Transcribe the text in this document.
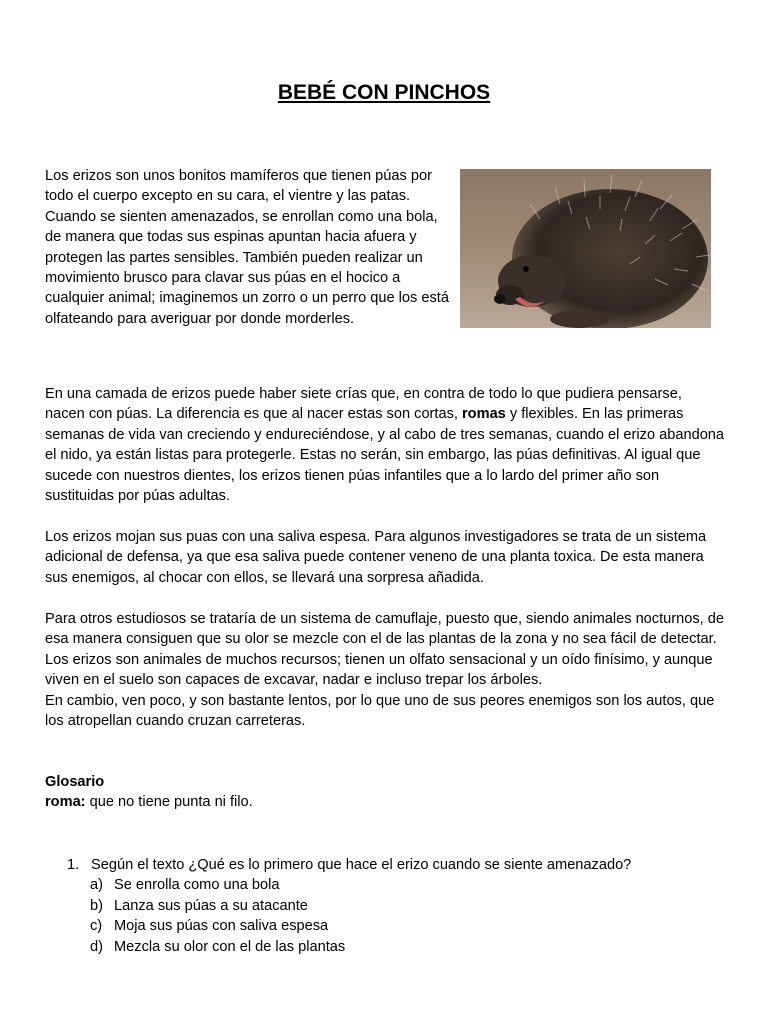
BEBÉ CON PINCHOS

Los erizos son unos bonitos mamíferos que tienen púas por todo el cuerpo excepto en su cara, el vientre y las patas. Cuando se sienten amenazados, se enrollan como una bola, de manera que todas sus espinas apuntan hacia afuera y protegen las partes sensibles. También pueden realizar un movimiento brusco para clavar sus púas en el hocico a cualquier animal; imaginemos un zorro o un perro que los está olfateando para averiguar por donde morderles.

En una camada de erizos puede haber siete crías que, en contra de todo lo que pudiera pensarse, nacen con púas. La diferencia es que al nacer estas son cortas, romas y flexibles. En las primeras semanas de vida van creciendo y endureciéndose, y al cabo de tres semanas, cuando el erizo abandona el nido, ya están listas para protegerle. Estas no serán, sin embargo, las púas definitivas. Al igual que sucede con nuestros dientes, los erizos tienen púas infantiles que a lo lardo del primer año son sustituidas por púas adultas.

Los erizos mojan sus puas con una saliva espesa. Para algunos investigadores se trata de un sistema adicional de defensa, ya que esa saliva puede contener veneno de una planta toxica. De esta manera sus enemigos, al chocar con ellos, se llevará una sorpresa añadida.

Para otros estudiosos se trataría de un sistema de camuflaje, puesto que, siendo animales nocturnos, de esa manera consiguen que su olor se mezcle con el de las plantas de la zona y no sea fácil de detectar.

Los erizos son animales de muchos recursos; tienen un olfato sensacional y un oído finísimo, y aunque viven en el suelo son capaces de excavar, nadar e incluso trepar los árboles.

En cambio, ven poco, y son bastante lentos, por lo que uno de sus peores enemigos son los autos, que los atropellan cuando cruzan carreteras.

Glosario

roma: que no tiene punta ni filo.

1. Según el texto ¿Qué es lo primero que hace el erizo cuando se siente amenazado?
a) Se enrolla como una bola
b) Lanza sus púas a su atacante
c) Moja sus púas con saliva espesa
d) Mezcla su olor con el de las plantas
